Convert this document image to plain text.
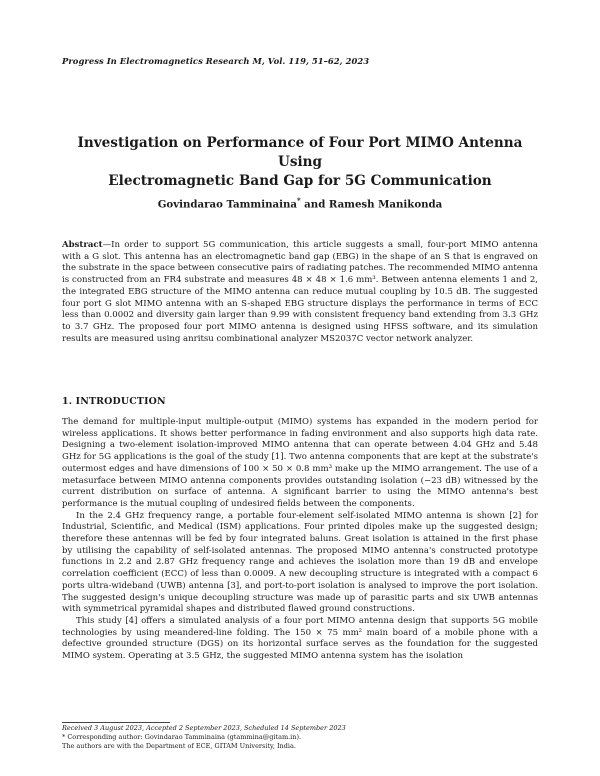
Progress In Electromagnetics Research M, Vol. 119, 51–62, 2023
Investigation on Performance of Four Port MIMO Antenna Using
Electromagnetic Band Gap for 5G Communication
Govindarao Tamminaina* and Ramesh Manikonda
Abstract—In order to support 5G communication, this article suggests a small, four-port MIMO antenna with a G slot. This antenna has an electromagnetic band gap (EBG) in the shape of an S that is engraved on the substrate in the space between consecutive pairs of radiating patches. The recommended MIMO antenna is constructed from an FR4 substrate and measures 48 × 48 × 1.6 mm³. Between antenna elements 1 and 2, the integrated EBG structure of the MIMO antenna can reduce mutual coupling by 10.5 dB. The suggested four port G slot MIMO antenna with an S-shaped EBG structure displays the performance in terms of ECC less than 0.0002 and diversity gain larger than 9.99 with consistent frequency band extending from 3.3 GHz to 3.7 GHz. The proposed four port MIMO antenna is designed using HFSS software, and its simulation results are measured using anritsu combinational analyzer MS2037C vector network analyzer.
1. INTRODUCTION

The demand for multiple-input multiple-output (MIMO) systems has expanded in the modern period for wireless applications. It shows better performance in fading environment and also supports high data rate. Designing a two-element isolation-improved MIMO antenna that can operate between 4.04 GHz and 5.48 GHz for 5G applications is the goal of the study [1]. Two antenna components that are kept at the substrate's outermost edges and have dimensions of 100 × 50 × 0.8 mm³ make up the MIMO arrangement. The use of a metasurface between MIMO antenna components provides outstanding isolation (−23 dB) witnessed by the current distribution on surface of antenna. A significant barrier to using the MIMO antenna's best performance is the mutual coupling of undesired fields between the components.

In the 2.4 GHz frequency range, a portable four-element self-isolated MIMO antenna is shown [2] for Industrial, Scientific, and Medical (ISM) applications. Four printed dipoles make up the suggested design; therefore these antennas will be fed by four integrated baluns. Great isolation is attained in the first phase by utilising the capability of self-isolated antennas. The proposed MIMO antenna's constructed prototype functions in 2.2 and 2.87 GHz frequency range and achieves the isolation more than 19 dB and envelope correlation coefficient (ECC) of less than 0.0009. A new decoupling structure is integrated with a compact 6 ports ultra-wideband (UWB) antenna [3], and port-to-port isolation is analysed to improve the port isolation. The suggested design's unique decoupling structure was made up of parasitic parts and six UWB antennas with symmetrical pyramidal shapes and distributed flawed ground constructions.

This study [4] offers a simulated analysis of a four port MIMO antenna design that supports 5G mobile technologies by using meandered-line folding. The 150 × 75 mm² main board of a mobile phone with a defective grounded structure (DGS) on its horizontal surface serves as the foundation for the suggested MIMO system. Operating at 3.5 GHz, the suggested MIMO antenna system has the isolation

Received 3 August 2023, Accepted 2 September 2023, Scheduled 14 September 2023
* Corresponding author: Govindarao Tamminaina (gtammina@gitam.in).
The authors are with the Department of ECE, GITAM University, India.
